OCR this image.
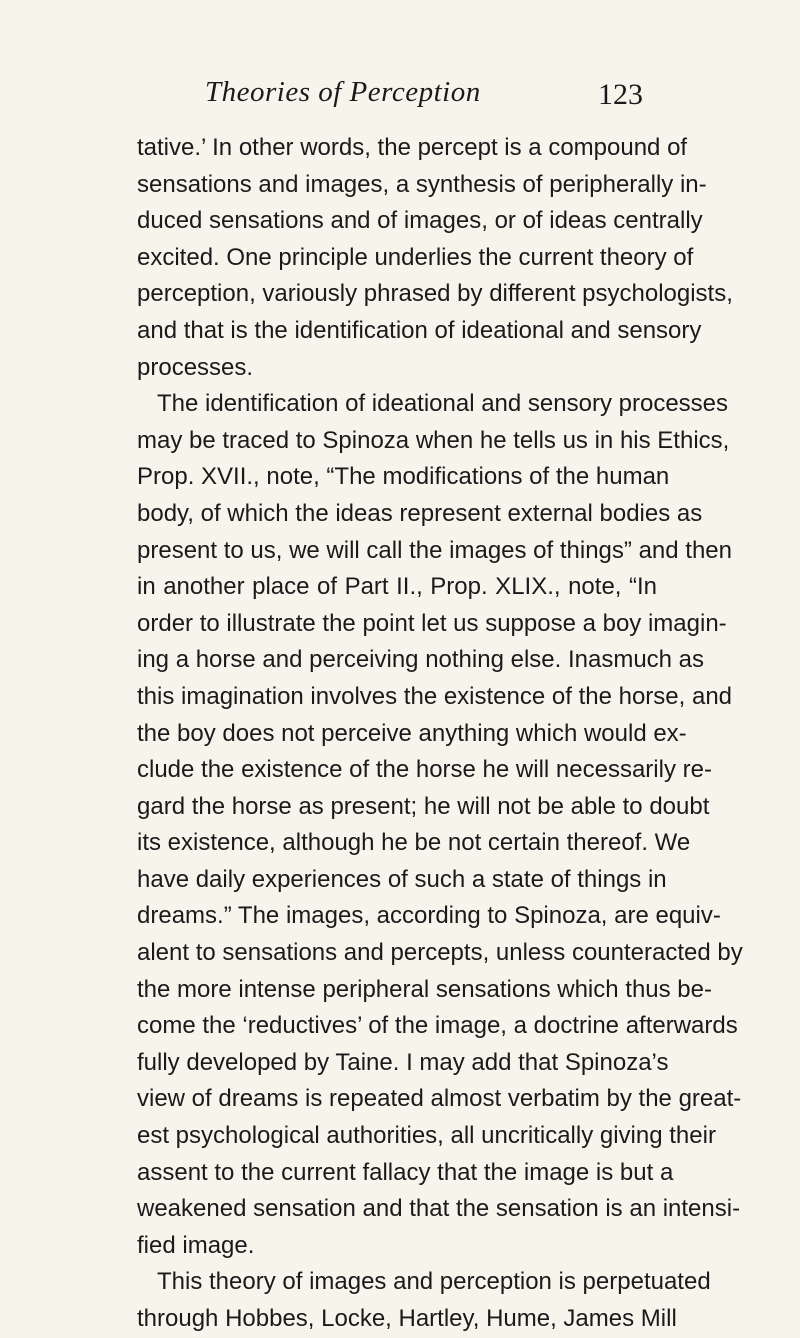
Theories of Perception	123
tative.’ In other words, the percept is a compound of
sensations and images, a synthesis of peripherally in-
duced sensations and of images, or of ideas centrally
excited. One principle underlies the current theory of
perception, variously phrased by different psychologists,
and that is the identification of ideational and sensory
processes.
The identification of ideational and sensory processes
may be traced to Spinoza when he tells us in his Ethics,
Prop. XVII., note, “The modifications of the human
body, of which the ideas represent external bodies as
present to us, we will call the images of things” and then
in another place of Part II., Prop. XLIX., note, “In
order to illustrate the point let us suppose a boy imagin-
ing a horse and perceiving nothing else. Inasmuch as
this imagination involves the existence of the horse, and
the boy does not perceive anything which would ex-
clude the existence of the horse he will necessarily re-
gard the horse as present; he will not be able to doubt
its existence, although he be not certain thereof. We
have daily experiences of such a state of things in
dreams.” The images, according to Spinoza, are equiv-
alent to sensations and percepts, unless counteracted by
the more intense peripheral sensations which thus be-
come the ‘reductives’ of the image, a doctrine afterwards
fully developed by Taine. I may add that Spinoza’s
view of dreams is repeated almost verbatim by the great-
est psychological authorities, all uncritically giving their
assent to the current fallacy that the image is but a
weakened sensation and that the sensation is an intensi-
fied image.
This theory of images and perception is perpetuated
through Hobbes, Locke, Hartley, Hume, James Mill
